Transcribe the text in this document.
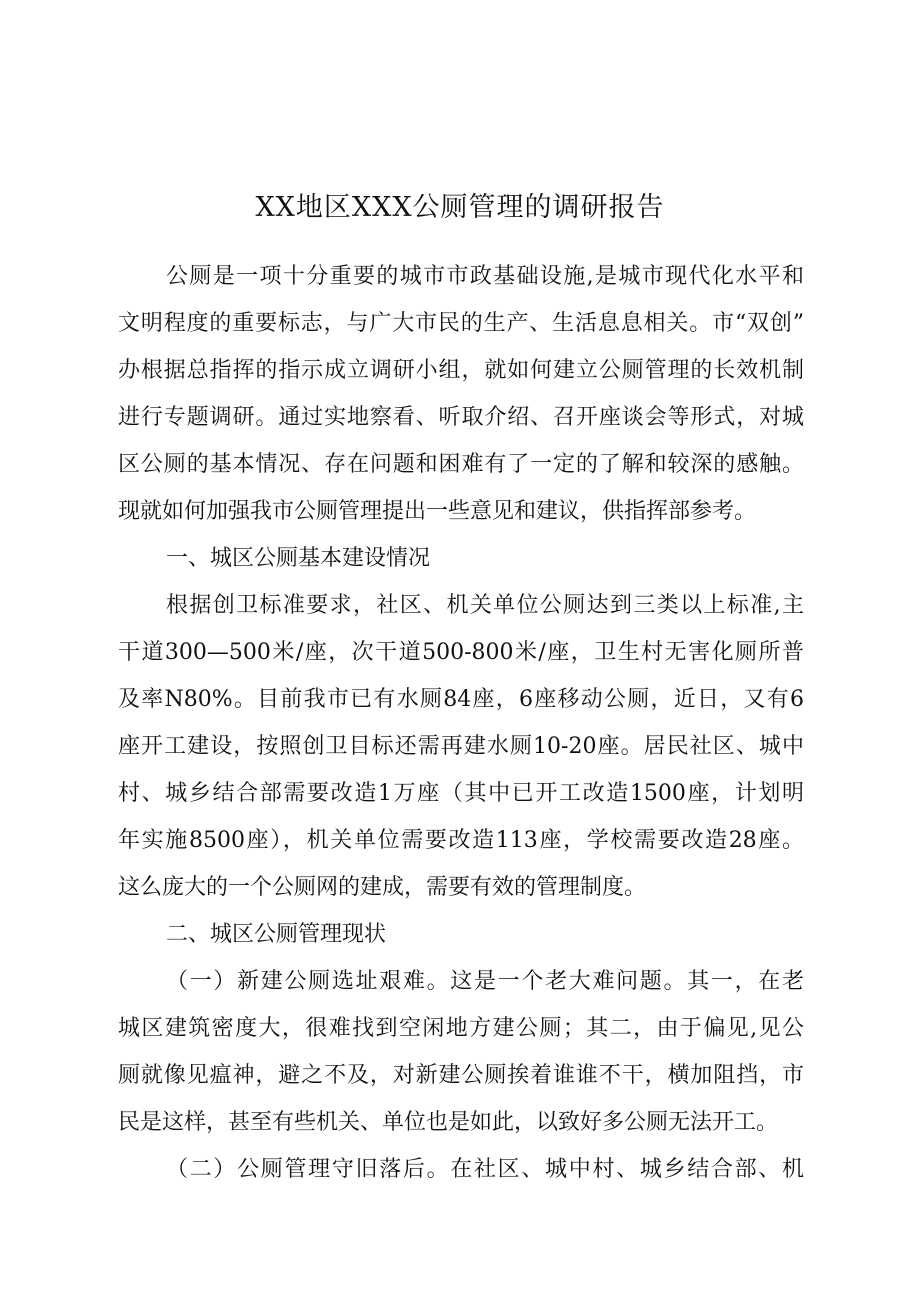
XX地区XXX公厕管理的调研报告
公厕是一项十分重要的城市市政基础设施,是城市现代化水平和
文明程度的重要标志，与广大市民的生产、生活息息相关。市“双创”
办根据总指挥的指示成立调研小组，就如何建立公厕管理的长效机制
进行专题调研。通过实地察看、听取介绍、召开座谈会等形式，对城
区公厕的基本情况、存在问题和困难有了一定的了解和较深的感触。
现就如何加强我市公厕管理提出一些意见和建议，供指挥部参考。
一、城区公厕基本建设情况
根据创卫标准要求，社区、机关单位公厕达到三类以上标准,主
干道300—500米/座，次干道500-800米/座，卫生村无害化厕所普
及率N80%。目前我市已有水厕84座，6座移动公厕，近日，又有6
座开工建设，按照创卫目标还需再建水厕10-20座。居民社区、城中
村、城乡结合部需要改造1万座（其中已开工改造1500座，计划明
年实施8500座），机关单位需要改造113座，学校需要改造28座。
这么庞大的一个公厕网的建成，需要有效的管理制度。
二、城区公厕管理现状
（一）新建公厕选址艰难。这是一个老大难问题。其一，在老
城区建筑密度大，很难找到空闲地方建公厕；其二，由于偏见,见公
厕就像见瘟神，避之不及，对新建公厕挨着谁谁不干，横加阻挡，市
民是这样，甚至有些机关、单位也是如此，以致好多公厕无法开工。
（二）公厕管理守旧落后。在社区、城中村、城乡结合部、机
